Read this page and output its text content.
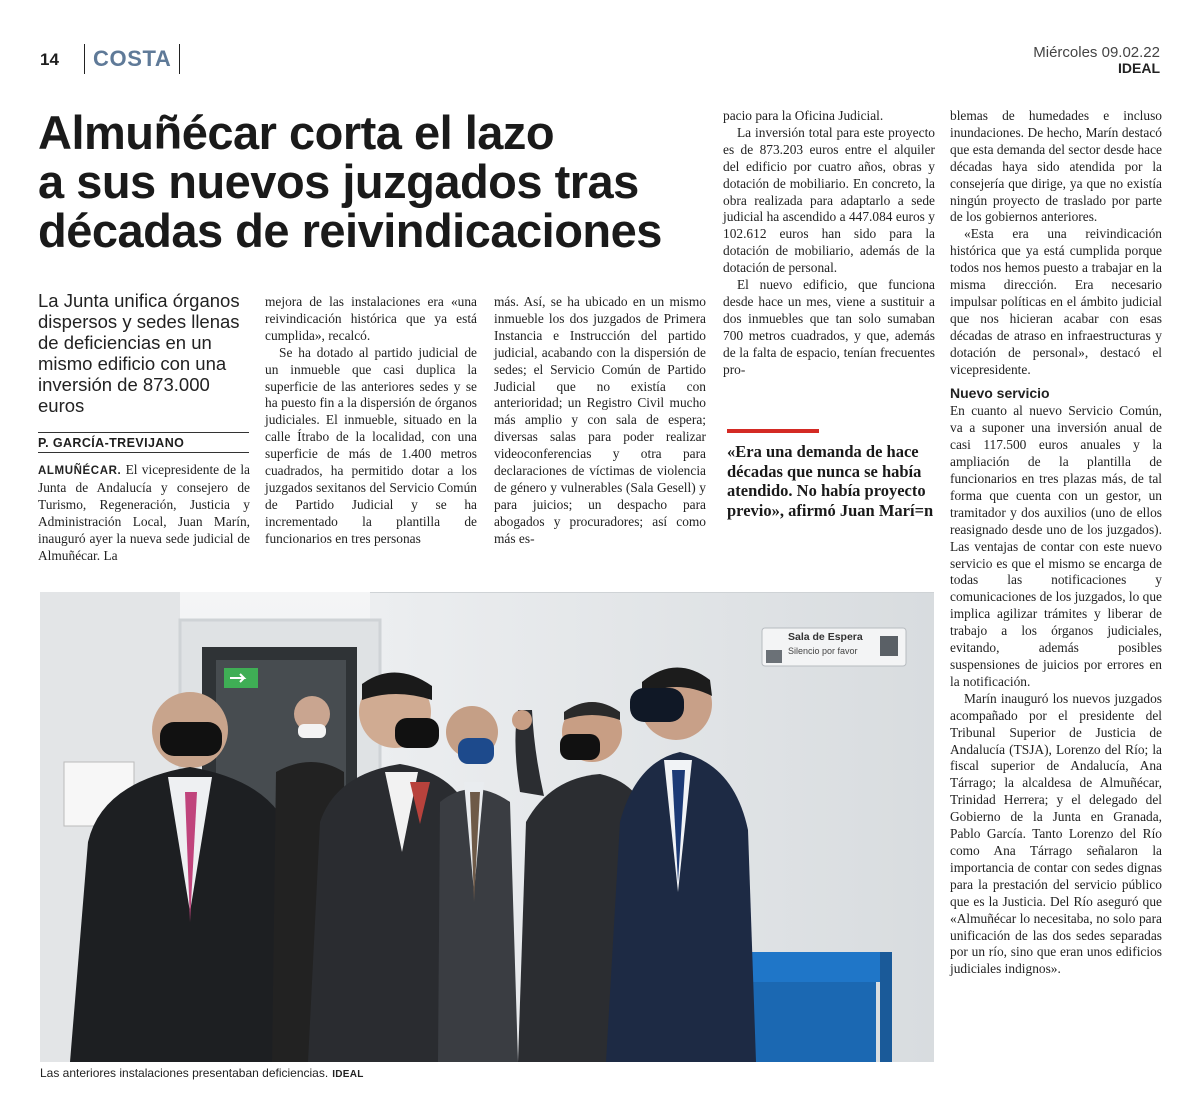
14	COSTA	Miércoles 09.02.22
IDEAL
Almuñécar corta el lazo
a sus nuevos juzgados tras
décadas de reivindicaciones
La Junta unifica órganos dispersos y sedes llenas de deficiencias en un mismo edificio con una inversión de 873.000 euros
P. GARCÍA-TREVIJANO

ALMUÑÉCAR. El vicepresidente de la Junta de Andalucía y consejero de Turismo, Regeneración, Justicia y Administración Local, Juan Marín, inauguró ayer la nueva sede judicial de Almuñécar. La

mejora de las instalaciones era «una reivindicación histórica que ya está cumplida», recalcó.

Se ha dotado al partido judicial de un inmueble que casi duplica la superficie de las anteriores sedes y se ha puesto fin a la dispersión de órganos judiciales. El inmueble, situado en la calle Ítrabo de la localidad, con una superficie de más de 1.400 metros cuadrados, ha permitido dotar a los juzgados sexitanos del Servicio Común de Partido Judicial y se ha incrementado la plantilla de funcionarios en tres personas

más. Así, se ha ubicado en un mismo inmueble los dos juzgados de Primera Instancia e Instrucción del partido judicial, acabando con la dispersión de sedes; el Servicio Común de Partido Judicial que no existía con anterioridad; un Registro Civil mucho más amplio y con sala de espera; diversas salas para poder realizar videoconferencias y otra para declaraciones de víctimas de violencia de género y vulnerables (Sala Gesell) y para juicios; un despacho para abogados y procuradores; así como más es-

pacio para la Oficina Judicial.

La inversión total para este proyecto es de 873.203 euros entre el alquiler del edificio por cuatro años, obras y dotación de mobiliario. En concreto, la obra realizada para adaptarlo a sede judicial ha ascendido a 447.084 euros y 102.612 euros han sido para la dotación de mobiliario, además de la dotación de personal.

El nuevo edificio, que funciona desde hace un mes, viene a sustituir a dos inmuebles que tan solo sumaban 700 metros cuadrados, y que, además de la falta de espacio, tenían frecuentes pro-

«Era una demanda de hace décadas que nunca se había atendido. No había proyecto previo», afirmó Juan Marí=n

blemas de humedades e incluso inundaciones. De hecho, Marín destacó que esta demanda del sector desde hace décadas haya sido atendida por la consejería que dirige, ya que no existía ningún proyecto de traslado por parte de los gobiernos anteriores.

«Esta era una reivindicación histórica que ya está cumplida porque todos nos hemos puesto a trabajar en la misma dirección. Era necesario impulsar políticas en el ámbito judicial que nos hicieran acabar con esas décadas de atraso en infraestructuras y dotación de personal», destacó el vicepresidente.

Nuevo servicio

En cuanto al nuevo Servicio Común, va a suponer una inversión anual de casi 117.500 euros anuales y la ampliación de la plantilla de funcionarios en tres plazas más, de tal forma que cuenta con un gestor, un tramitador y dos auxilios (uno de ellos reasignado desde uno de los juzgados). Las ventajas de contar con este nuevo servicio es que el mismo se encarga de todas las notificaciones y comunicaciones de los juzgados, lo que implica agilizar trámites y liberar de trabajo a los órganos judiciales, evitando, además posibles suspensiones de juicios por errores en la notificación.

Marín inauguró los nuevos juzgados acompañado por el presidente del Tribunal Superior de Justicia de Andalucía (TSJA), Lorenzo del Río; la fiscal superior de Andalucía, Ana Tárrago; la alcaldesa de Almuñécar, Trinidad Herrera; y el delegado del Gobierno de la Junta en Granada, Pablo García. Tanto Lorenzo del Río como Ana Tárrago señalaron la importancia de contar con sedes dignas para la prestación del servicio público que es la Justicia. Del Río aseguró que «Almuñécar lo necesitaba, no solo para unificación de las dos sedes separadas por un río, sino que eran unos edificios judiciales indignos».

Sala de Espera
Silencio por favor
Las anteriores instalaciones presentaban deficiencias. IDEAL
